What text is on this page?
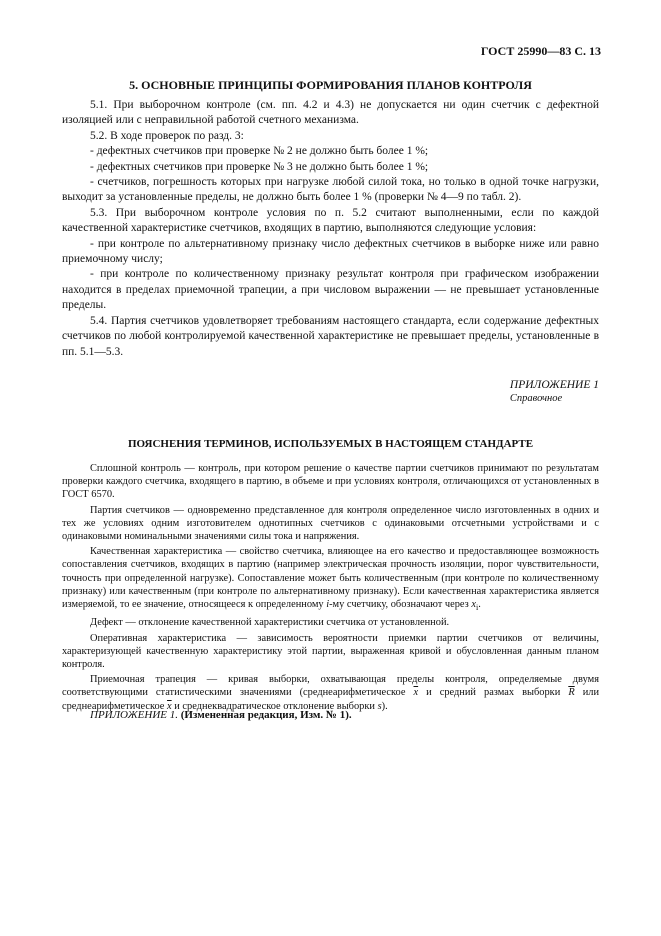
ГОСТ 25990—83 С. 13
5. ОСНОВНЫЕ ПРИНЦИПЫ ФОРМИРОВАНИЯ ПЛАНОВ КОНТРОЛЯ

5.1. При выборочном контроле (см. пп. 4.2 и 4.3) не допускается ни один счетчик с дефектной изоляцией или с неправильной работой счетного механизма.

5.2. В ходе проверок по разд. 3:

- дефектных счетчиков при проверке № 2 не должно быть более 1 %;

- дефектных счетчиков при проверке № 3 не должно быть более 1 %;

- счетчиков, погрешность которых при нагрузке любой силой тока, но только в одной точке нагрузки, выходит за установленные пределы, не должно быть более 1 % (проверки № 4—9 по табл. 2).

5.3. При выборочном контроле условия по п. 5.2 считают выполненными, если по каждой качественной характеристике счетчиков, входящих в партию, выполняются следующие условия:

- при контроле по альтернативному признаку число дефектных счетчиков в выборке ниже или равно приемочному числу;

- при контроле по количественному признаку результат контроля при графическом изображении находится в пределах приемочной трапеции, а при числовом выражении — не превышает установленные пределы.

5.4. Партия счетчиков удовлетворяет требованиям настоящего стандарта, если содержание дефектных счетчиков по любой контролируемой качественной характеристике не превышает пределы, установленные в пп. 5.1—5.3.

ПРИЛОЖЕНИЕ 1
Справочное
ПОЯСНЕНИЯ ТЕРМИНОВ, ИСПОЛЬЗУЕМЫХ В НАСТОЯЩЕМ СТАНДАРТЕ

Сплошной контроль — контроль, при котором решение о качестве партии счетчиков принимают по результатам проверки каждого счетчика, входящего в партию, в объеме и при условиях контроля, отличающихся от установленных в ГОСТ 6570.

Партия счетчиков — одновременно представленное для контроля определенное число изготовленных в одних и тех же условиях одним изготовителем однотипных счетчиков с одинаковыми отсчетными устройствами и с одинаковыми номинальными значениями силы тока и напряжения.

Качественная характеристика — свойство счетчика, влияющее на его качество и предоставляющее возможность сопоставления счетчиков, входящих в партию (например электрическая прочность изоляции, порог чувствительности, точность при определенной нагрузке). Сопоставление может быть количественным (при контроле по количественному признаку) или качественным (при контроле по альтернативному признаку). Если качественная характеристика является измеряемой, то ее значение, относящееся к определенному i-му счетчику, обозначают через $x_i$.

Дефект — отклонение качественной характеристики счетчика от установленной.

Оперативная характеристика — зависимость вероятности приемки партии счетчиков от величины, характеризующей качественную характеристику этой партии, выраженная кривой и обусловленная данным планом контроля.

Приемочная трапеция — кривая выборки, охватывающая пределы контроля, определяемые двумя соответствующими статистическими значениями (среднеарифметическое $\overline{x}$ и средний размах выборки $\overline{R}$ или среднеарифметическое $\overline{x}$ и среднеквадратическое отклонение выборки s).

ПРИЛОЖЕНИЕ 1. (Измененная редакция, Изм. № 1).
